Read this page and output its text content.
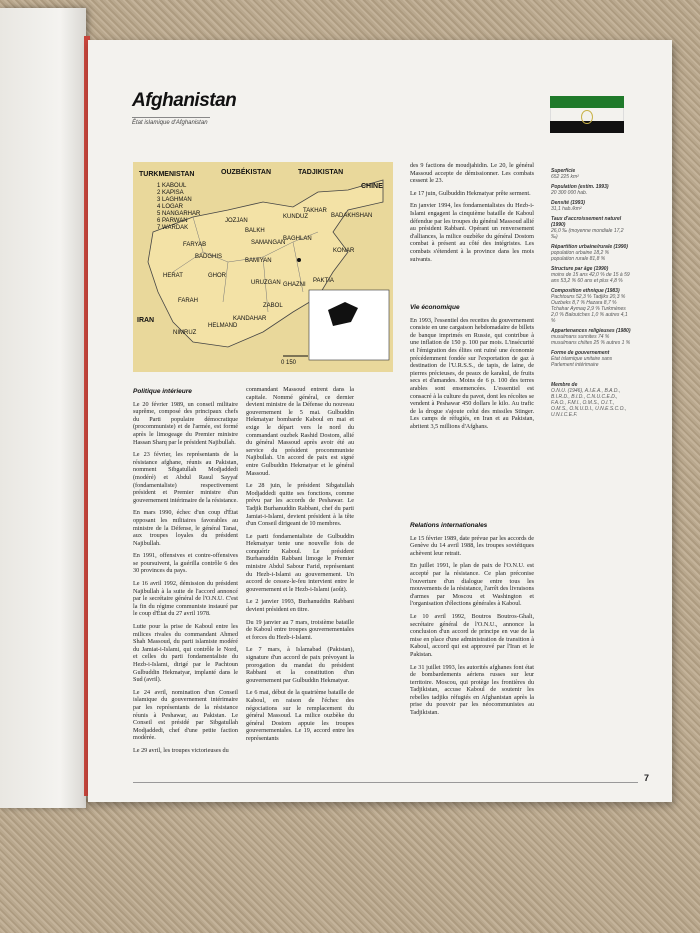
Afghanistan
État islamique d'Afghanistan
TURKMENISTAN	OUZBÉKISTAN	TADJIKISTAN
CHINE
IRAN
1 KABOUL
2 KAPISA
3 LAGHMAN
4 LOGAR
5 NANGARHAR
6 PARWAN
7 WARDAK
FARYAB
JOZJAN
BALKH
KUNDUZ
TAKHAR
BADAKHSHAN
SAMANGAN
BAGHLAN
BADGHIS
HERAT	GHOR
BAMIYAN
FARAH
URUZGAN GHAZNI
PAKTIA
ZABOL
NIMRUZ
HELMAND
KANDAHAR
KONAR
0 150
Politique intérieure

Le 20 février 1989, un conseil militaire suprême, composé des principaux chefs du Parti populaire démocratique (procommuniste) et de l'armée, est formé après le limogeage du Premier ministre Hassan Sharq par le président Najibullah.

Le 23 février, les représentants de la résistance afghane, réunis au Pakistan, nomment Sibgatullah Modjaddedi (modéré) et Abdul Rasul Sayyaf (fondamentaliste) respectivement président et Premier ministre d'un gouvernement intérimaire de la résistance.

En mars 1990, échec d'un coup d'État opposant les militaires favorables au ministre de la Défense, le général Tanai, aux troupes loyales du président Najibullah.

En 1991, offensives et contre-offensives se poursuivent, la guérilla contrôle 6 des 30 provinces du pays.

Le 16 avril 1992, démission du président Najibullah à la suite de l'accord annoncé par le secrétaire général de l'O.N.U. C'est la fin du régime communiste instauré par le coup d'État du 27 avril 1978.

Lutte pour la prise de Kaboul entre les milices rivales du commandant Ahmed Shah Massoud, du parti islamiste modéré du Jamiat-i-Islami, qui contrôle le Nord, et celles du parti fondamentaliste du Hezb-i-Islami, dirigé par le Pachtoun Gulbuddin Hekmatyar, implanté dans le Sud (avril).

Le 24 avril, nomination d'un Conseil islamique du gouvernement intérimaire par les représentants de la résistance réunis à Peshawar, au Pakistan. Le Conseil est présidé par Sibgatullah Modjaddedi, chef d'une petite faction modérée.

Le 29 avril, les troupes victorieuses du

commandant Massoud entrent dans la capitale. Nommé général, ce dernier devient ministre de la Défense du nouveau gouvernement le 5 mai. Gulbuddin Hekmatyar bombarde Kaboul en mai et exige le départ vers le nord du commandant ouzbek Rashid Dostom, allié du général Massoud après avoir été au service du président procommuniste Najibullah. Un accord de paix est signé entre Gulbuddin Hekmatyar et le général Massoud.

Le 28 juin, le président Sibgatullah Modjaddedi quitte ses fonctions, comme prévu par les accords de Peshawar. Le Tadjik Burhanuddin Rabbani, chef du parti Jamiat-i-Islami, devient président à la tête d'un Conseil dirigeant de 10 membres.

Le parti fondamentaliste de Gulbuddin Hekmatyar tente une nouvelle fois de conquérir Kaboul. Le président Burhanuddin Rabbani limoge le Premier ministre Abdul Sabour Farid, représentant du Hezb-i-Islami au gouvernement. Un accord de cessez-le-feu intervient entre le gouvernement et le Hezb-i-Islami (août).

Le 2 janvier 1993, Burhanuddin Rabbani devient président en titre.

Du 19 janvier au 7 mars, troisième bataille de Kaboul entre troupes gouvernementales et forces du Hezb-i-Islami.

Le 7 mars, à Islamabad (Pakistan), signature d'un accord de paix prévoyant la prorogation du mandat du président Rabbani et la constitution d'un gouvernement par Gulbuddin Hekmatyar.

Le 6 mai, début de la quatrième bataille de Kaboul, en raison de l'échec des négociations sur le remplacement du général Massoud. La milice ouzbèke du général Dostom appuie les troupes gouvernementales. Le 19, accord entre les représentants

des 9 factions de moudjahidin. Le 20, le général Massoud accepte de démissionner. Les combats cessent le 23.

Le 17 juin, Gulbuddin Hekmatyar prête serment.

En janvier 1994, les fondamentalistes du Hezb-i-Islami engagent la cinquième bataille de Kaboul défendue par les troupes du général Massoud allié au président Rabbani. Opérant un renversement d'alliances, la milice ouzbèke du général Dostom combat à présent au côté des intégristes. Les combats s'étendent à la province dans les mois suivants.

Vie économique

En 1993, l'essentiel des recettes du gouvernement consiste en une cargaison hebdomadaire de billets de banque imprimés en Russie, qui contribue à une inflation de 150 p. 100 par mois. L'insécurité et l'émigration des élites ont ruiné une économie précédemment fondée sur l'exportation de gaz à destination de l'U.R.S.S., de tapis, de laine, de pierres précieuses, de peaux de karakul, de fruits secs et d'amandes. Moins de 6 p. 100 des terres arables sont ensemencées. L'essentiel est consacré à la culture du pavot, dont les récoltes se vendent à Peshawar 450 dollars le kilo. Au trafic de la drogue s'ajoute celui des missiles Stinger. Les camps de réfugiés, en Iran et au Pakistan, abritent 3,5 millions d'Afghans.

Relations internationales

Le 15 février 1989, date prévue par les accords de Genève du 14 avril 1988, les troupes soviétiques achèvent leur retrait.

En juillet 1991, le plan de paix de l'O.N.U. est accepté par la résistance. Ce plan préconise l'ouverture d'un dialogue entre tous les mouvements de la résistance, l'arrêt des livraisons d'armes par Moscou et Washington et l'organisation d'élections générales à Kaboul.

Le 10 avril 1992, Boutros Boutros-Ghali, secrétaire général de l'O.N.U., annonce la conclusion d'un accord de principe en vue de la mise en place d'une administration de transition à Kaboul, accord qui est approuvé par l'Iran et le Pakistan.

Le 31 juillet 1993, les autorités afghanes font état de bombardements aériens russes sur leur territoire. Moscou, qui protège les frontières du Tadjikistan, accuse Kaboul de soutenir les rebelles tadjiks réfugiés en Afghanistan après la prise du pouvoir par les néocommunistes au Tadjikistan.

Superficie
652 225 km²
Population (estim. 1993)
20 300 000 hab.
Densité (1993)
31,1 hab./km²
Taux d'accroissement naturel (1990)
26,0 ‰ (moyenne mondiale 17,2 ‰)
Répartition urbaine/rurale (1990)
population urbaine 18,2 % population rurale 81,8 %
Structure par âge (1990)
moins de 15 ans 42,0 % de 15 à 59 ans 53,2 % 60 ans et plus 4,8 %
Composition ethnique (1983)
Pachtouns 52,3 % Tadjiks 20,3 % Ouzbeks 8,7 % Hazara 8,7 % Tchahar Aymaq 2,9 % Turkmènes 2,0 % Baloutches 1,0 % autres 4,1 %
Appartenances religieuses (1980)
musulmans sunnites 74 % musulmans chiites 25 % autres 1 %
Forme de gouvernement
État islamique unitaire sans Parlement intérimaire
Membre de
O.N.U. (1946), A.I.E.A., B.A.D., B.I.R.D., B.I.D., C.N.U.C.E.D., F.A.O., F.M.I., O.M.S., O.I.T., O.M.S., O.N.U.D.I., U.N.E.S.C.O., U.N.I.C.E.F.
7
